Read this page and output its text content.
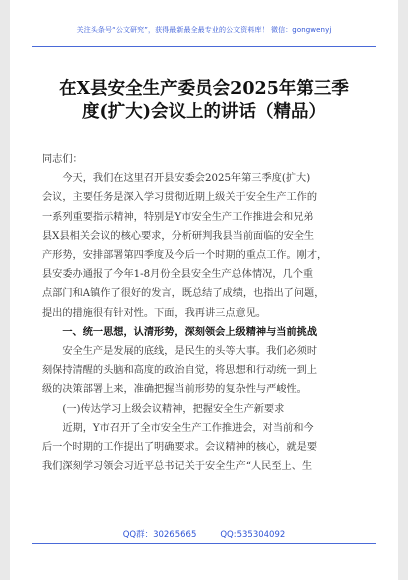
关注头条号“公文研究”，获得最新最全最专业的公文资料库！ 微信：gongwenyj
在X县安全生产委员会2025年第三季
度(扩大)会议上的讲话（精品）
同志们：
　　今天，我们在这里召开县安委会2025年第三季度(扩大)
会议，主要任务是深入学习贯彻近期上级关于安全生产工作的
一系列重要指示精神，特别是Y市安全生产工作推进会和兄弟
县X县相关会议的核心要求，分析研判我县当前面临的安全生
产形势，安排部署第四季度及今后一个时期的重点工作。刚才，
县安委办通报了今年1-8月份全县安全生产总体情况，几个重
点部门和A镇作了很好的发言，既总结了成绩，也指出了问题，
提出的措施很有针对性。下面，我再讲三点意见。
　　一、统一思想，认清形势，深刻领会上级精神与当前挑战
　　安全生产是发展的底线，是民生的头等大事。我们必须时
刻保持清醒的头脑和高度的政治自觉，将思想和行动统一到上
级的决策部署上来，准确把握当前形势的复杂性与严峻性。
　　(一)传达学习上级会议精神，把握安全生产新要求
　　近期，Y市召开了全市安全生产工作推进会，对当前和今
后一个时期的工作提出了明确要求。会议精神的核心，就是要
我们深刻学习领会习近平总书记关于安全生产“人民至上、生
QQ群：30265665	QQ:535304092
